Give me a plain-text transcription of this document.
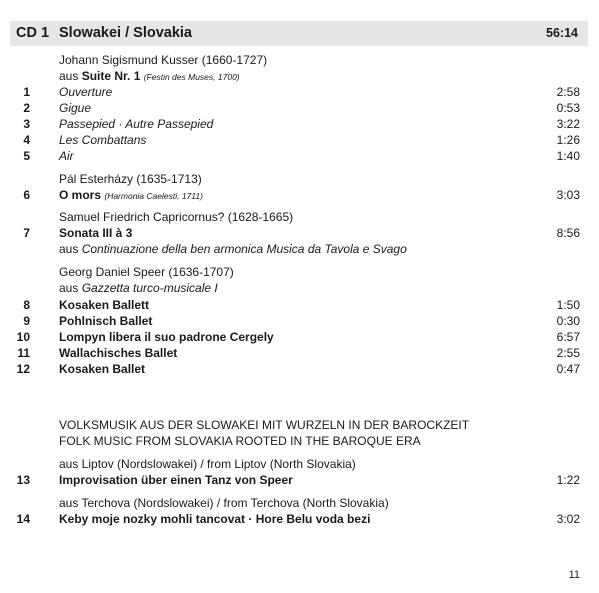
CD 1 Slowakei / Slovakia	56:14
Johann Sigismund Kusser (1660-1727)
aus Suite Nr. 1 (Festin des Muses, 1700)
1 Ouverture	2:58
2 Gigue	0:53
3 Passepied · Autre Passepied	3:22
4 Les Combattans	1:26
5 Air	1:40
Pál Esterházy (1635-1713)
6 O mors (Harmonia Caelesti, 1711)	3:03
Samuel Friedrich Capricornus? (1628-1665)
7 Sonata III à 3	8:56
aus Continuazione della ben armonica Musica da Tavola e Svago
Georg Daniel Speer (1636-1707)
aus Gazzetta turco-musicale I
8 Kosaken Ballett	1:50
9 Pohlnisch Ballet	0:30
10 Lompyn libera il suo padrone Cergely	6:57
11 Wallachisches Ballet	2:55
12 Kosaken Ballet	0:47
VOLKSMUSIK AUS DER SLOWAKEI MIT WURZELN IN DER BAROCKZEIT
FOLK MUSIC FROM SLOVAKIA ROOTED IN THE BAROQUE ERA
aus Liptov (Nordslowakei) / from Liptov (North Slovakia)
13 Improvisation über einen Tanz von Speer	1:22
aus Terchova (Nordslowakei) / from Terchova (North Slovakia)
14 Keby moje nozky mohli tancovat · Hore Belu voda bezi	3:02
11
